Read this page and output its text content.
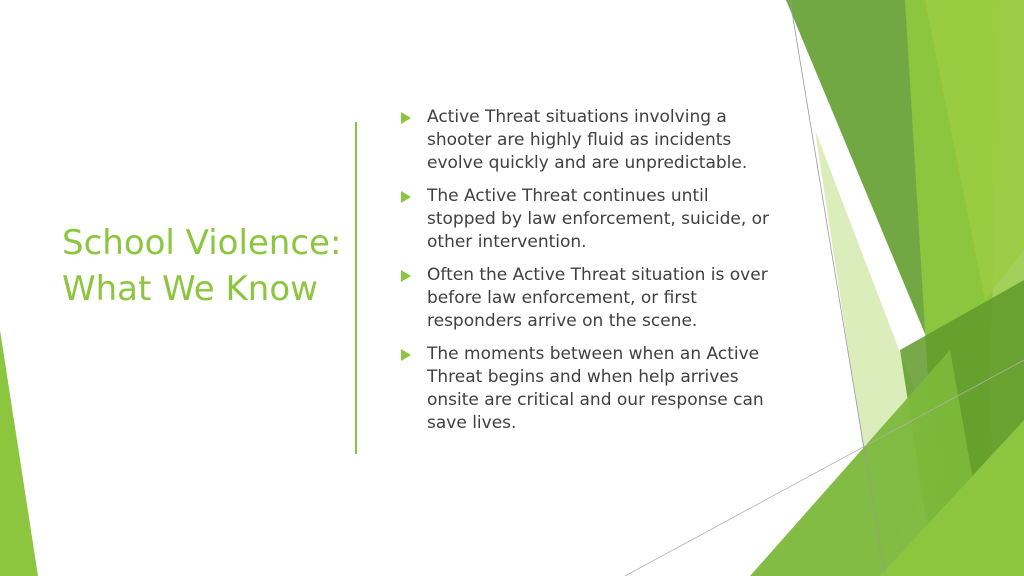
School Violence: What We Know
Active Threat situations involving a shooter are highly fluid as incidents evolve quickly and are unpredictable.
The Active Threat continues until stopped by law enforcement, suicide, or other intervention.
Often the Active Threat situation is over before law enforcement, or first responders arrive on the scene.
The moments between when an Active Threat begins and when help arrives onsite are critical and our response can save lives.
